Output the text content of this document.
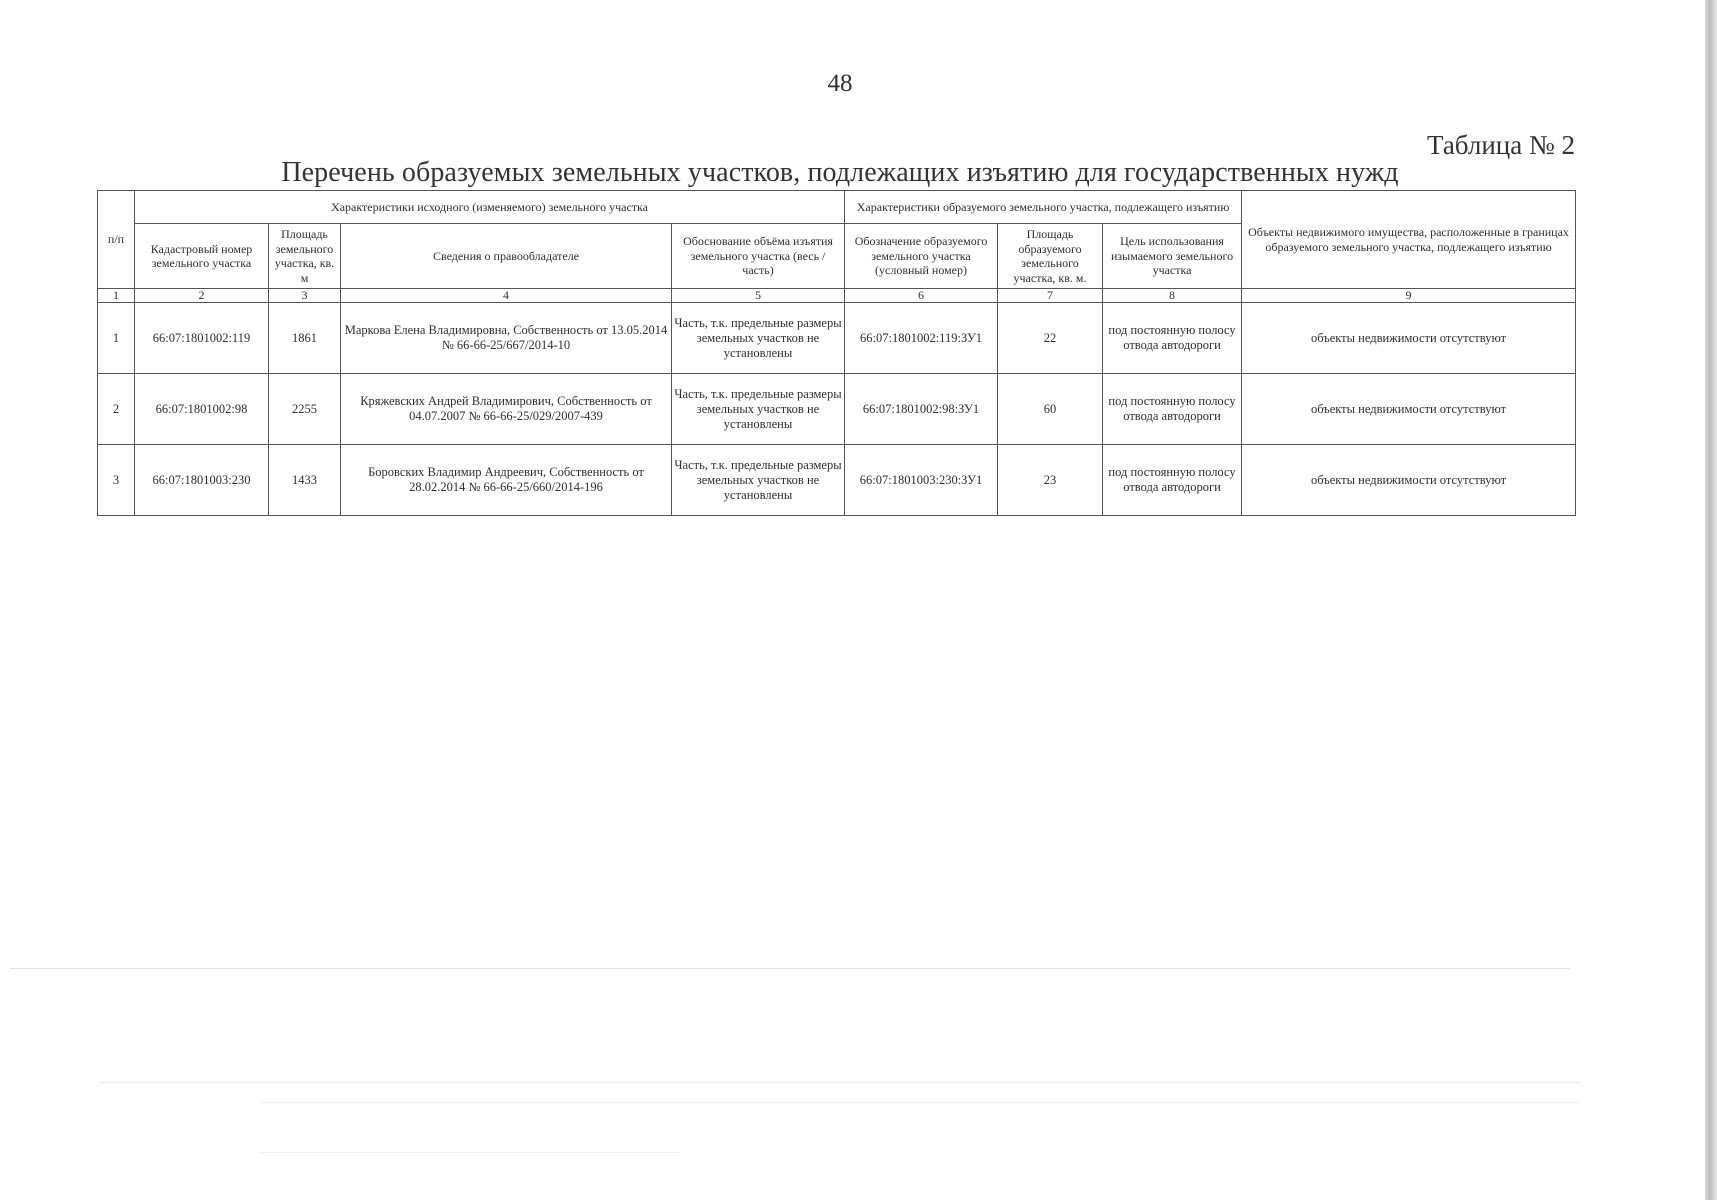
48
Таблица № 2
Перечень образуемых земельных участков, подлежащих изъятию для государственных нужд
п/п	Характеристики исходного (изменяемого) земельного участка				Характеристики образуемого земельного участка, подлежащего изъятию			Объекты недвижимого имущества, расположенные в границах образуемого земельного участка, подлежащего изъятию
	Кадастровый номер земельного участка	Площадь земельного участка, кв. м	Сведения о правообладателе	Обоснование объёма изъятия земельного участка (весь / часть)	Обозначение образуемого земельного участка (условный номер)	Площадь образуемого земельного участка, кв. м.	Цель использования изымаемого земельного участка	
1	2	3	4	5	6	7	8	9
1	66:07:1801002:119	1861	Маркова Елена Владимировна, Собственность от 13.05.2014 № 66-66-25/667/2014-10	Часть, т.к. предельные размеры земельных участков не установлены	66:07:1801002:119:ЗУ1	22	под постоянную полосу отвода автодороги	объекты недвижимости отсутствуют
2	66:07:1801002:98	2255	Кряжевских Андрей Владимирович, Собственность от 04.07.2007 № 66-66-25/029/2007-439	Часть, т.к. предельные размеры земельных участков не установлены	66:07:1801002:98:ЗУ1	60	под постоянную полосу отвода автодороги	объекты недвижимости отсутствуют
3	66:07:1801003:230	1433	Боровских Владимир Андреевич, Собственность от 28.02.2014 № 66-66-25/660/2014-196	Часть, т.к. предельные размеры земельных участков не установлены	66:07:1801003:230:ЗУ1	23	под постоянную полосу отвода автодороги	объекты недвижимости отсутствуют
